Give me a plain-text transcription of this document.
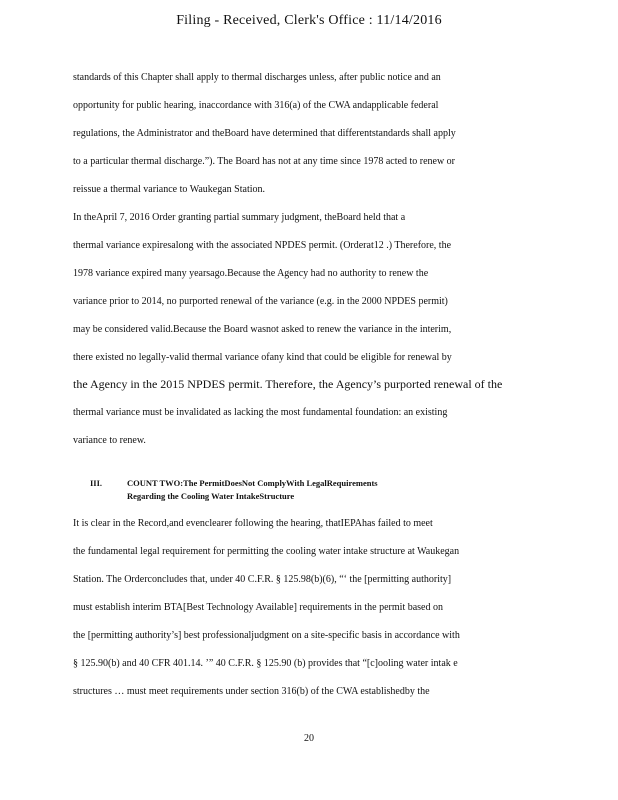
Filing - Received, Clerk's Office : 11/14/2016
standards of this Chapter shall apply to thermal discharges unless, after public notice and an
opportunity for public hearing, inaccordance with 316(a) of the CWA andapplicable federal
regulations, the Administrator and theBoard have determined that differentstandards shall apply
to a particular thermal discharge.”). The Board has not at any time since 1978 acted to renew or
reissue a thermal variance to Waukegan Station.
In theApril 7, 2016 Order granting partial summary judgment, theBoard held that a
thermal variance expiresalong with the associated NPDES permit. (Orderat12 .) Therefore, the
1978 variance expired many yearsago.Because the Agency had no authority to renew the
variance prior to 2014, no purported renewal of the variance (e.g. in the 2000 NPDES permit)
may be considered valid.Because the Board wasnot asked to renew the variance in the interim,
there existed no legally-valid thermal variance ofany kind that could be eligible for renewal by
the Agency in the 2015 NPDES permit. Therefore, the Agency’s purported renewal of the
thermal variance must be invalidated as lacking the most fundamental foundation: an existing
variance to renew.
III.	COUNT TWO:The PermitDoesNot ComplyWith LegalRequirements
Regarding the Cooling Water IntakeStructure
It is clear in the Record,and evenclearer following the hearing, thatIEPAhas failed to meet
the fundamental legal requirement for permitting the cooling water intake structure at Waukegan
Station. The Orderconcludes that, under 40 C.F.R. § 125.98(b)(6), “‘ the [permitting authority]
must establish interim BTA[Best Technology Available] requirements in the permit based on
the [permitting authority’s] best professionaljudgment on a site-specific basis in accordance with
§ 125.90(b) and 40 CFR 401.14. ’” 40 C.F.R. § 125.90 (b) provides that “[c]ooling water intak e
structures … must meet requirements under section 316(b) of the CWA establishedby the
20
